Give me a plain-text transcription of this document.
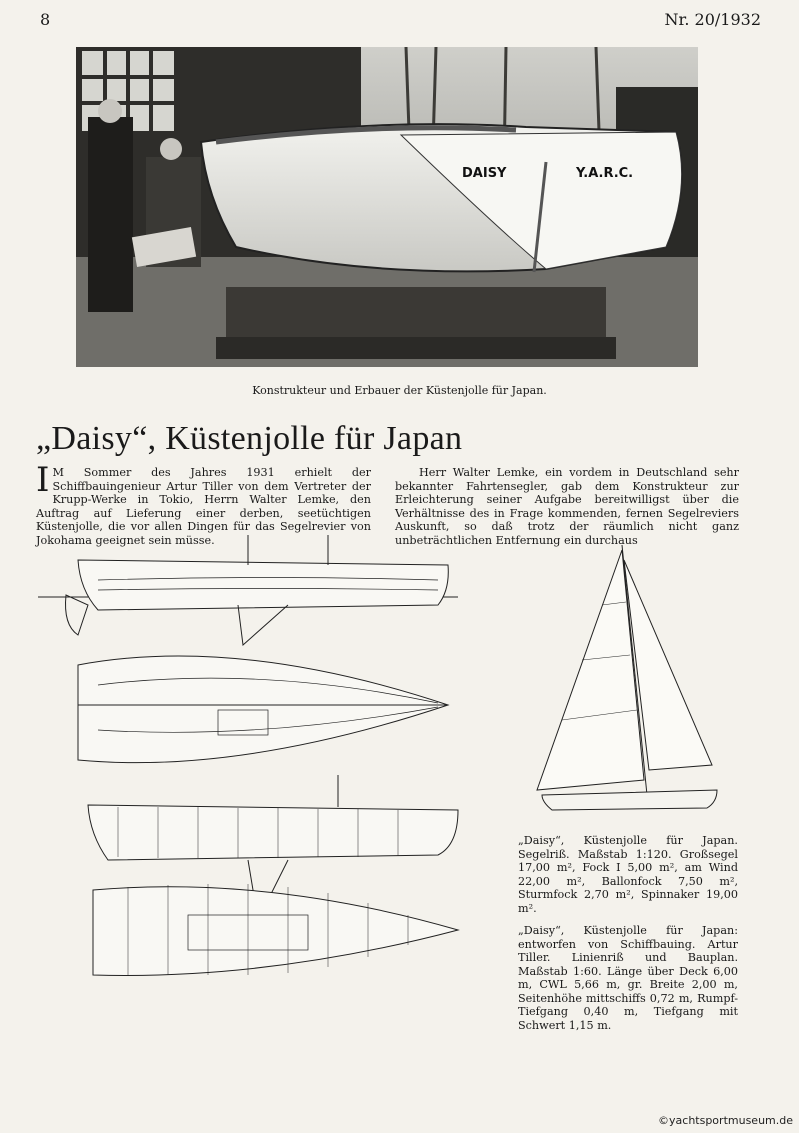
8	Nr. 20/1932
DAISY	Y.A.R.C.
Konstrukteur und Erbauer der Küstenjolle für Japan.
„Daisy“, Küstenjolle für Japan
I M Sommer des Jahres 1931 erhielt der Schiffbauingenieur Artur Tiller von dem Vertreter der Krupp-Werke in Tokio, Herrn Walter Lemke, den Auftrag auf Lieferung einer derben, seetüchtigen Küstenjolle, die vor allen Dingen für das Segelrevier von Jokohama geeignet sein müsse.
Herr Walter Lemke, ein vordem in Deutschland sehr bekannter Fahrtensegler, gab dem Konstrukteur zur Erleichterung seiner Aufgabe bereitwilligst über die Verhältnisse des in Frage kommenden, fernen Segelreviers Auskunft, so daß trotz der räumlich nicht ganz unbeträchtlichen Entfernung ein durchaus
„Daisy“, Küstenjolle für Japan. Segelriß. Maßstab 1:120. Großsegel 17,00 m², Fock I 5,00 m², am Wind 22,00 m², Ballonfock 7,50 m², Sturmfock 2,70 m², Spinnaker 19,00 m².
„Daisy“, Küstenjolle für Japan: entworfen von Schiffbauing. Artur Tiller. Linienriß und Bauplan. Maßstab 1:60. Länge über Deck 6,00 m, CWL 5,66 m, gr. Breite 2,00 m, Seitenhöhe mittschiffs 0,72 m, Rumpf-Tiefgang 0,40 m, Tiefgang mit Schwert 1,15 m.
©yachtsportmuseum.de
